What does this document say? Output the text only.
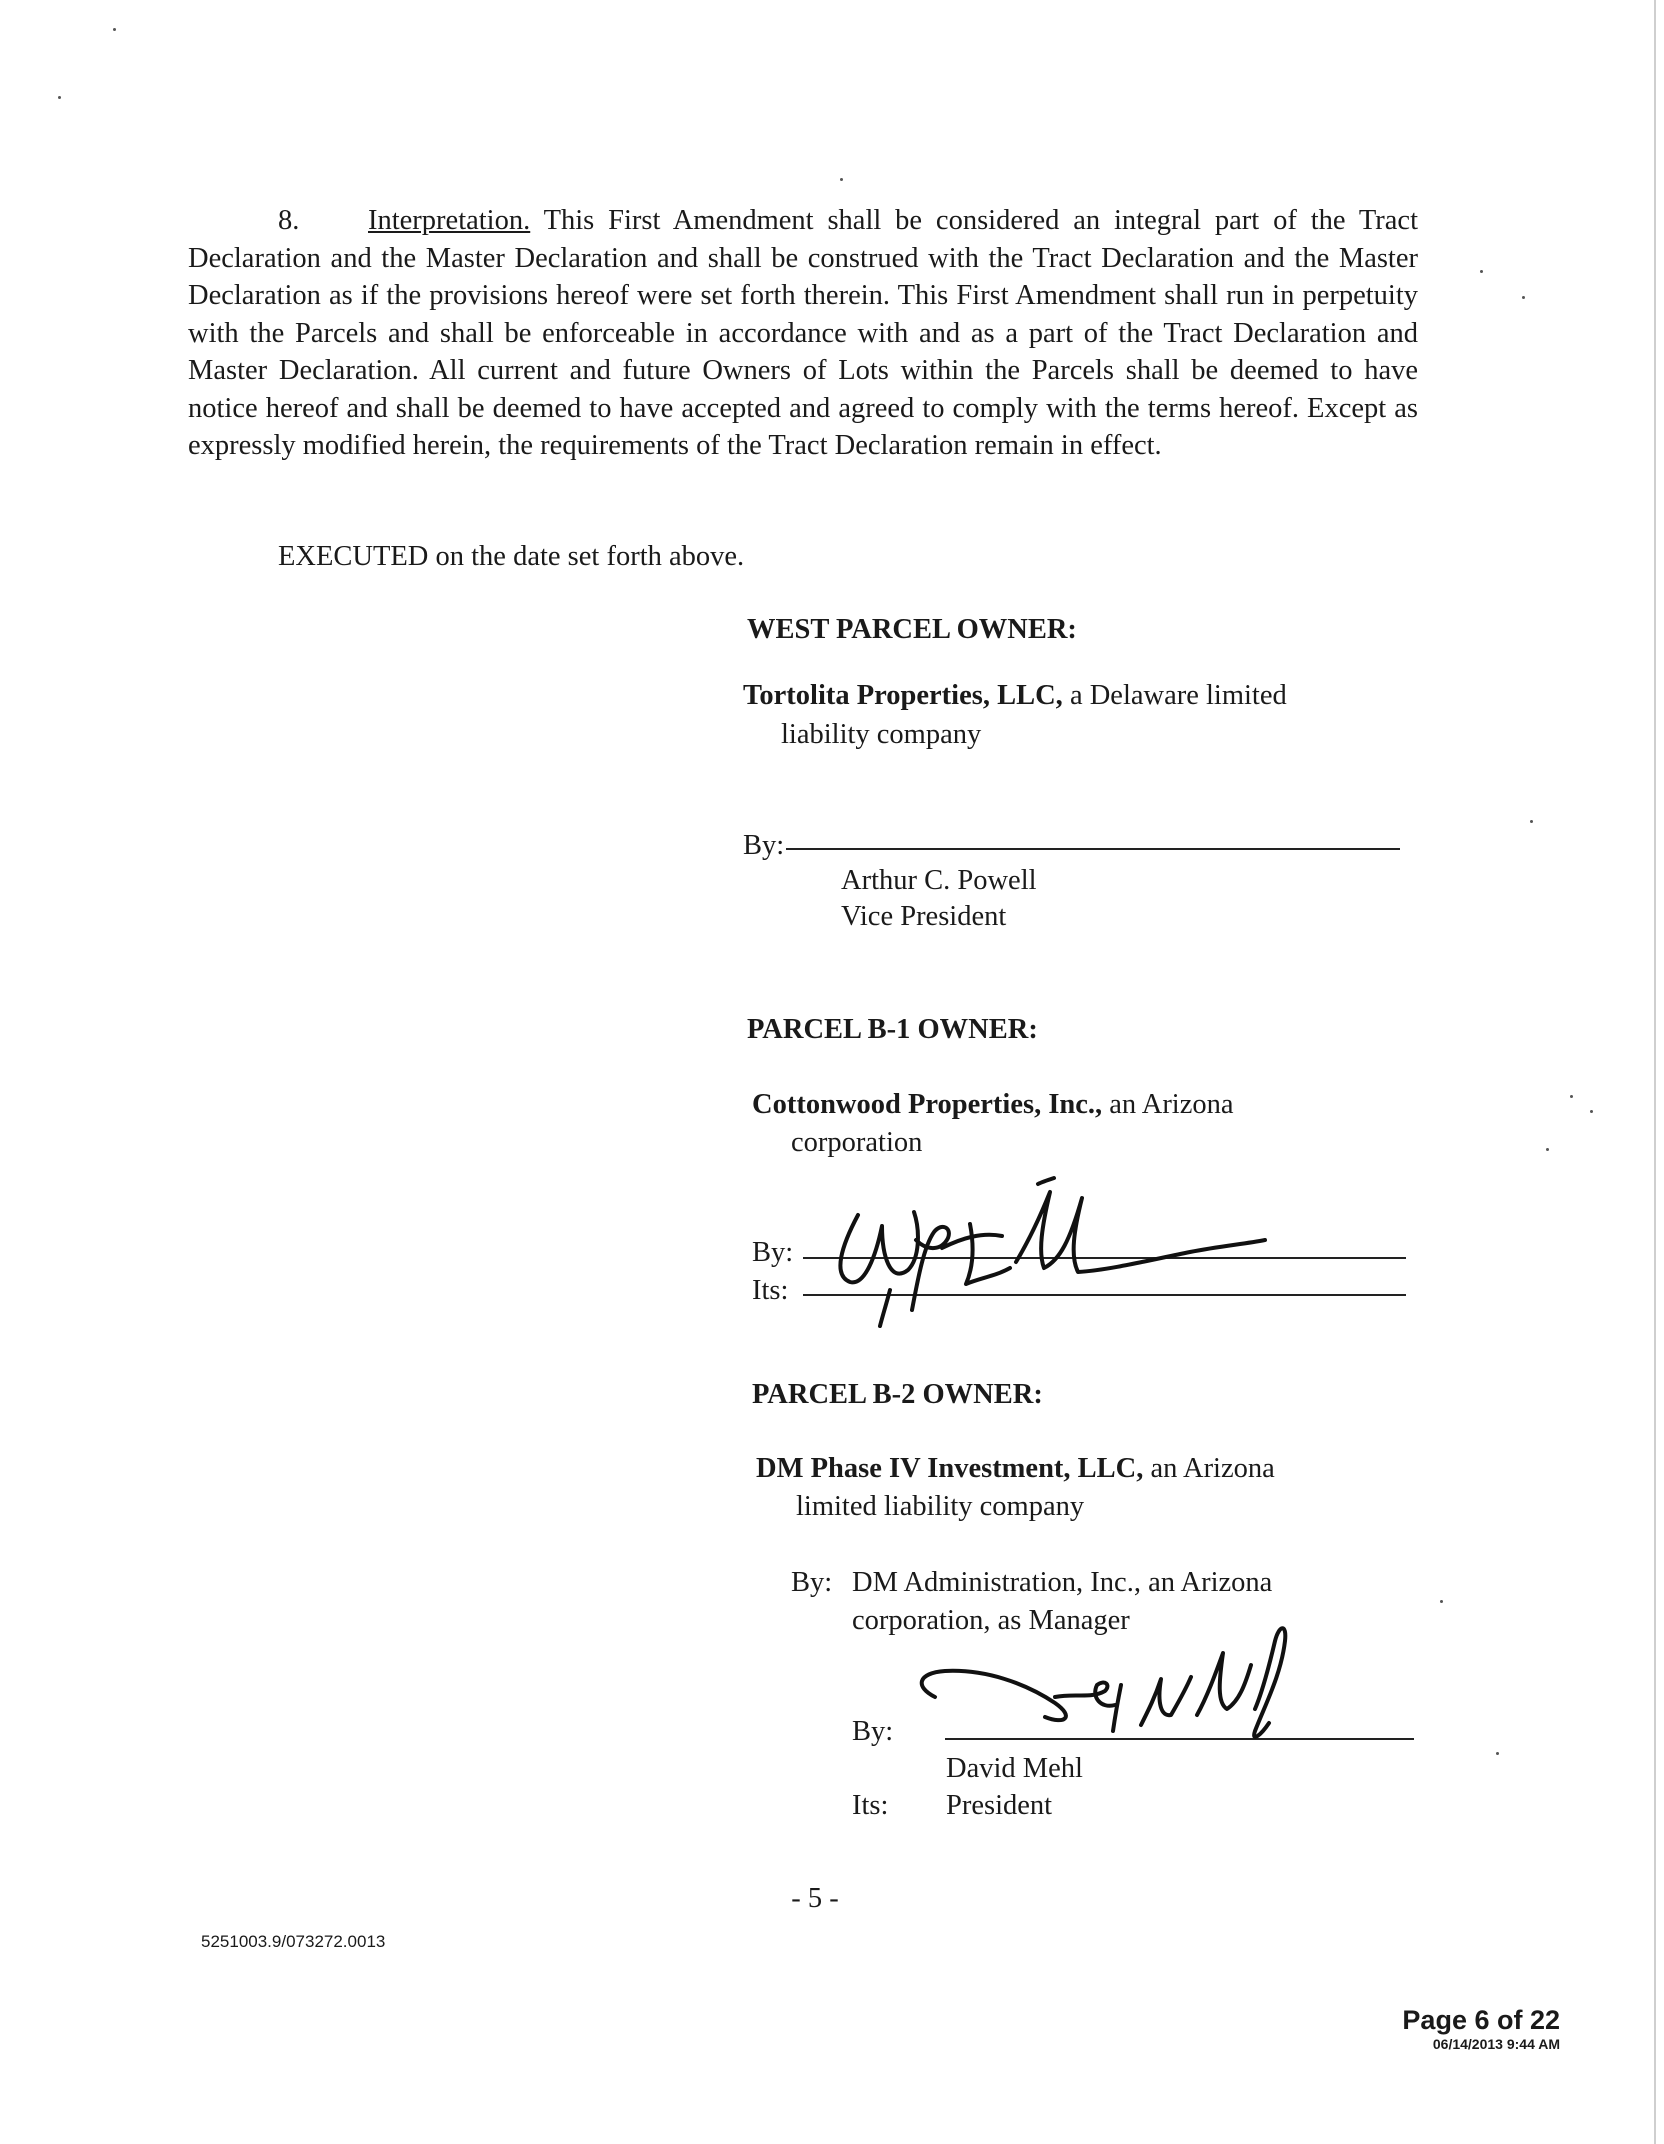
8. Interpretation. This First Amendment shall be considered an integral part of the Tract Declaration and the Master Declaration and shall be construed with the Tract Declaration and the Master Declaration as if the provisions hereof were set forth therein. This First Amendment shall run in perpetuity with the Parcels and shall be enforceable in accordance with and as a part of the Tract Declaration and Master Declaration. All current and future Owners of Lots within the Parcels shall be deemed to have notice hereof and shall be deemed to have accepted and agreed to comply with the terms hereof. Except as expressly modified herein, the requirements of the Tract Declaration remain in effect.
EXECUTED on the date set forth above.
WEST PARCEL OWNER:
Tortolita Properties, LLC, a Delaware limited
liability company
By:
Arthur C. Powell
Vice President
PARCEL B-1 OWNER:
Cottonwood Properties, Inc., an Arizona
corporation
By:
Its:
PARCEL B-2 OWNER:
DM Phase IV Investment, LLC, an Arizona
limited liability company
By: DM Administration, Inc., an Arizona
corporation, as Manager
By:
David Mehl
Its: President
- 5 -
5251003.9/073272.0013
Page 6 of 22
06/14/2013 9:44 AM
